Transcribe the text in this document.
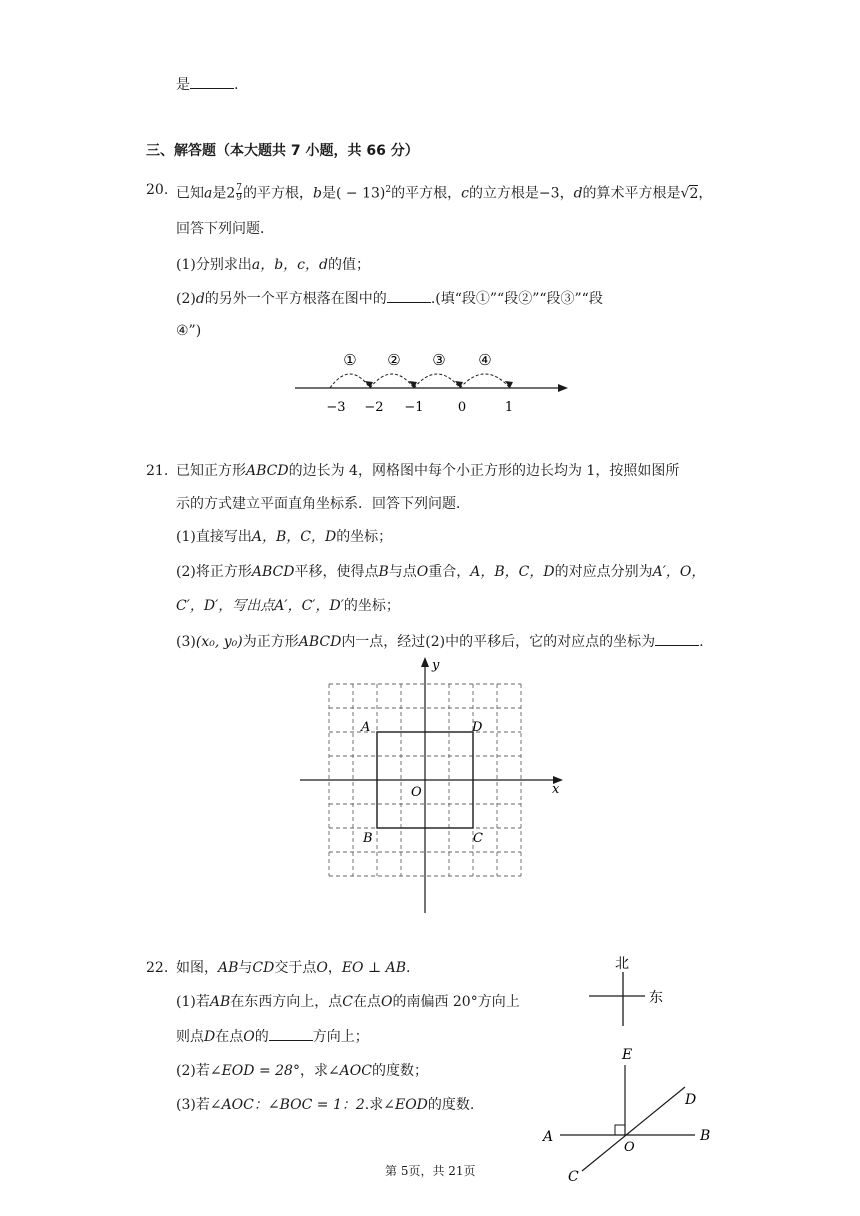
是	.
三、解答题（本大题共 7 小题，共 66 分）
20. 已知a是$2 \frac{7}{9}$ 的平方根，b是( − 13)$^2$的平方根，c的立方根是−3，d的算术平方根是√2，
回答下列问题．
(1)分别求出a，b，c，d的值；
(2)d的另外一个平方根落在图中的	.(填“段①”“段②”“段③”“段
④”)
① ② ③ ④
−3 −2 −1	0	1
21. 已知正方形ABCD的边长为 4，网格图中每个小正方形的边长均为 1，按照如图所
示的方式建立平面直角坐标系．回答下列问题．
(1)直接写出A，B，C，D的坐标；
(2)将正方形ABCD平移，使得点B与点O重合，A，B，C，D的对应点分别为A′，O，
C′，D′，写出点A′，C′，D′的坐标；
(3)(x₀, y₀)为正方形ABCD内一点，经过(2)中的平移后，它的对应点的坐标为	.
x
y
O
A	D
B	C
22. 如图，AB与CD交于点O，EO ⊥ AB.
(1)若AB在东西方向上，点C在点O的南偏西 20°方向上
则点D在点O的	方向上；
(2)若∠EOD = 28°，求∠AOC的度数；
(3)若∠AOC：∠BOC = 1：2.求∠EOD的度数.
北
东
E
D
A
O
B
C
第 5页，共 21页
